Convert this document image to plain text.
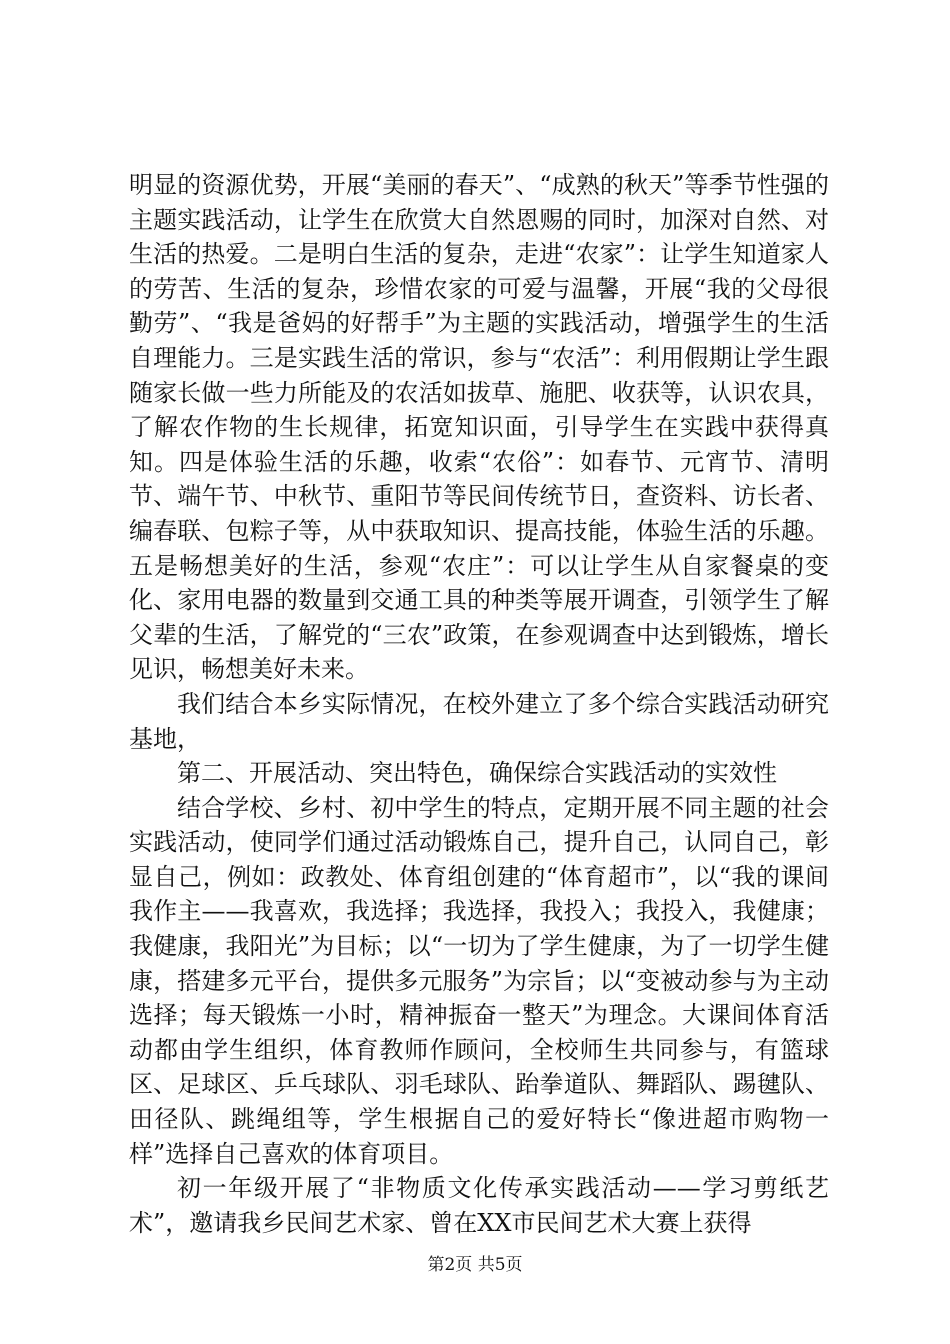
明显的资源优势，开展“美丽的春天”、“成熟的秋天”等季节性强的主题实践活动，让学生在欣赏大自然恩赐的同时，加深对自然、对生活的热爱。二是明白生活的复杂，走进“农家”：让学生知道家人的劳苦、生活的复杂，珍惜农家的可爱与温馨，开展“我的父母很勤劳”、“我是爸妈的好帮手”为主题的实践活动，增强学生的生活自理能力。三是实践生活的常识，参与“农活”：利用假期让学生跟随家长做一些力所能及的农活如拔草、施肥、收获等，认识农具，了解农作物的生长规律，拓宽知识面，引导学生在实践中获得真知。四是体验生活的乐趣，收索“农俗”：如春节、元宵节、清明节、端午节、中秋节、重阳节等民间传统节日，查资料、访长者、编春联、包粽子等，从中获取知识、提高技能，体验生活的乐趣。五是畅想美好的生活，参观“农庄”：可以让学生从自家餐桌的变化、家用电器的数量到交通工具的种类等展开调查，引领学生了解父辈的生活，了解党的“三农”政策，在参观调查中达到锻炼，增长见识，畅想美好未来。

我们结合本乡实际情况，在校外建立了多个综合实践活动研究基地，

第二、开展活动、突出特色，确保综合实践活动的实效性

结合学校、乡村、初中学生的特点，定期开展不同主题的社会实践活动，使同学们通过活动锻炼自己，提升自己，认同自己，彰显自己，例如：政教处、体育组创建的“体育超市”，以“我的课间我作主——我喜欢，我选择；我选择，我投入；我投入，我健康；我健康，我阳光”为目标；以“一切为了学生健康，为了一切学生健康，搭建多元平台，提供多元服务”为宗旨；以“变被动参与为主动选择；每天锻炼一小时，精神振奋一整天”为理念。大课间体育活动都由学生组织，体育教师作顾问，全校师生共同参与，有篮球区、足球区、乒乓球队、羽毛球队、跆拳道队、舞蹈队、踢毽队、田径队、跳绳组等，学生根据自己的爱好特长“像进超市购物一样”选择自己喜欢的体育项目。

初一年级开展了“非物质文化传承实践活动——学习剪纸艺术”，邀请我乡民间艺术家、曾在XX市民间艺术大赛上获得

第2页 共5页
